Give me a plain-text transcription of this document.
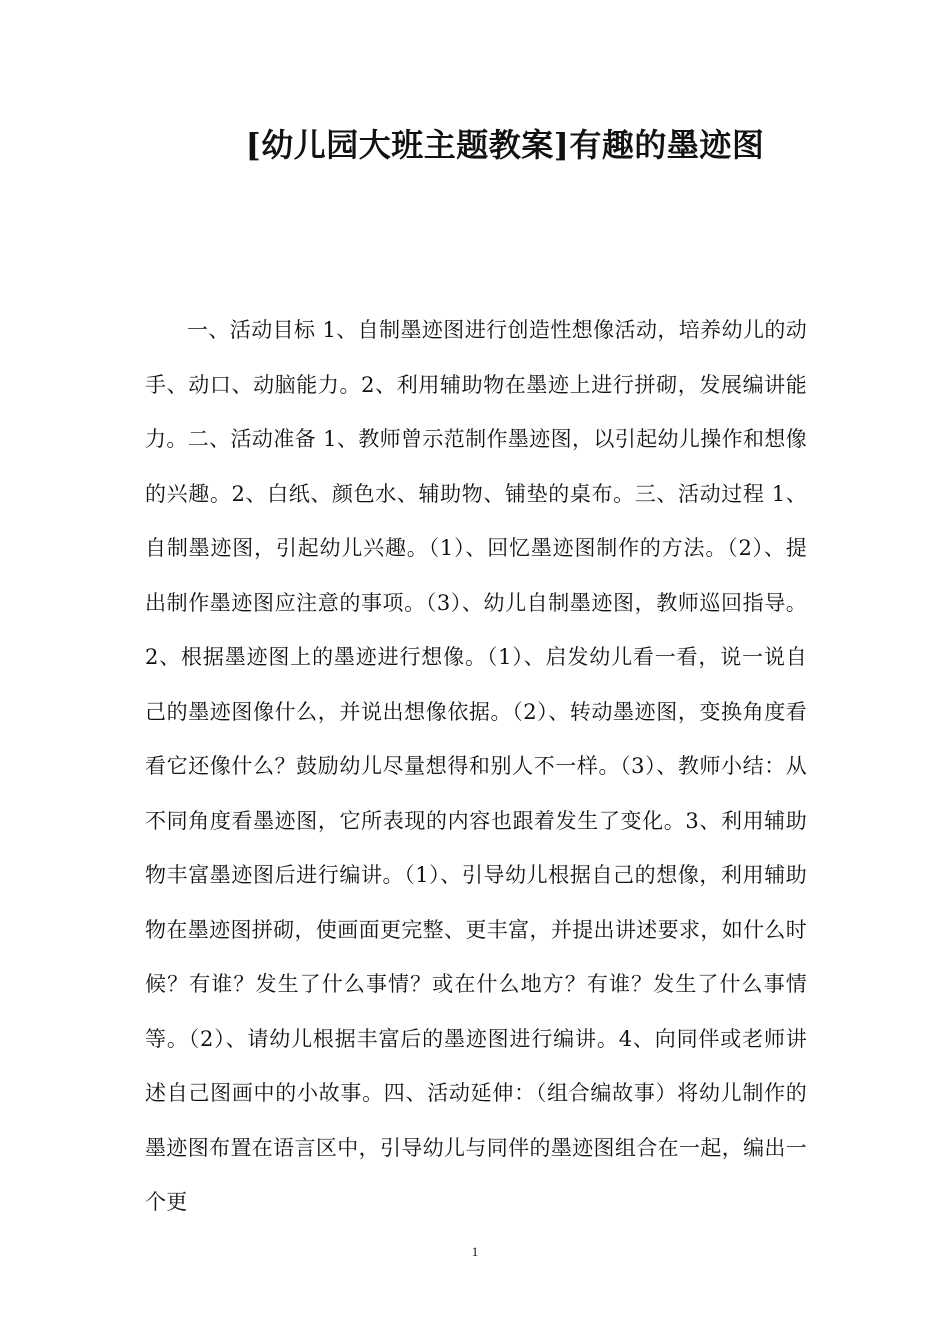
[幼儿园大班主题教案]有趣的墨迹图

一、活动目标 1、自制墨迹图进行创造性想像活动，培养幼儿的动手、动口、动脑能力。2、利用辅助物在墨迹上进行拼砌，发展编讲能力。二、活动准备 1、教师曾示范制作墨迹图，以引起幼儿操作和想像的兴趣。2、白纸、颜色水、辅助物、铺垫的桌布。三、活动过程 1、自制墨迹图，引起幼儿兴趣。（1）、回忆墨迹图制作的方法。（2）、提出制作墨迹图应注意的事项。（3）、幼儿自制墨迹图，教师巡回指导。2、根据墨迹图上的墨迹进行想像。（1）、启发幼儿看一看，说一说自己的墨迹图像什么，并说出想像依据。（2）、转动墨迹图，变换角度看看它还像什么？鼓励幼儿尽量想得和别人不一样。（3）、教师小结：从不同角度看墨迹图，它所表现的内容也跟着发生了变化。3、利用辅助物丰富墨迹图后进行编讲。（1）、引导幼儿根据自己的想像，利用辅助物在墨迹图拼砌，使画面更完整、更丰富，并提出讲述要求，如什么时候？有谁？发生了什么事情？或在什么地方？有谁？发生了什么事情等。（2）、请幼儿根据丰富后的墨迹图进行编讲。4、向同伴或老师讲述自己图画中的小故事。四、活动延伸：（组合编故事）将幼儿制作的墨迹图布置在语言区中，引导幼儿与同伴的墨迹图组合在一起，编出一个更

1
